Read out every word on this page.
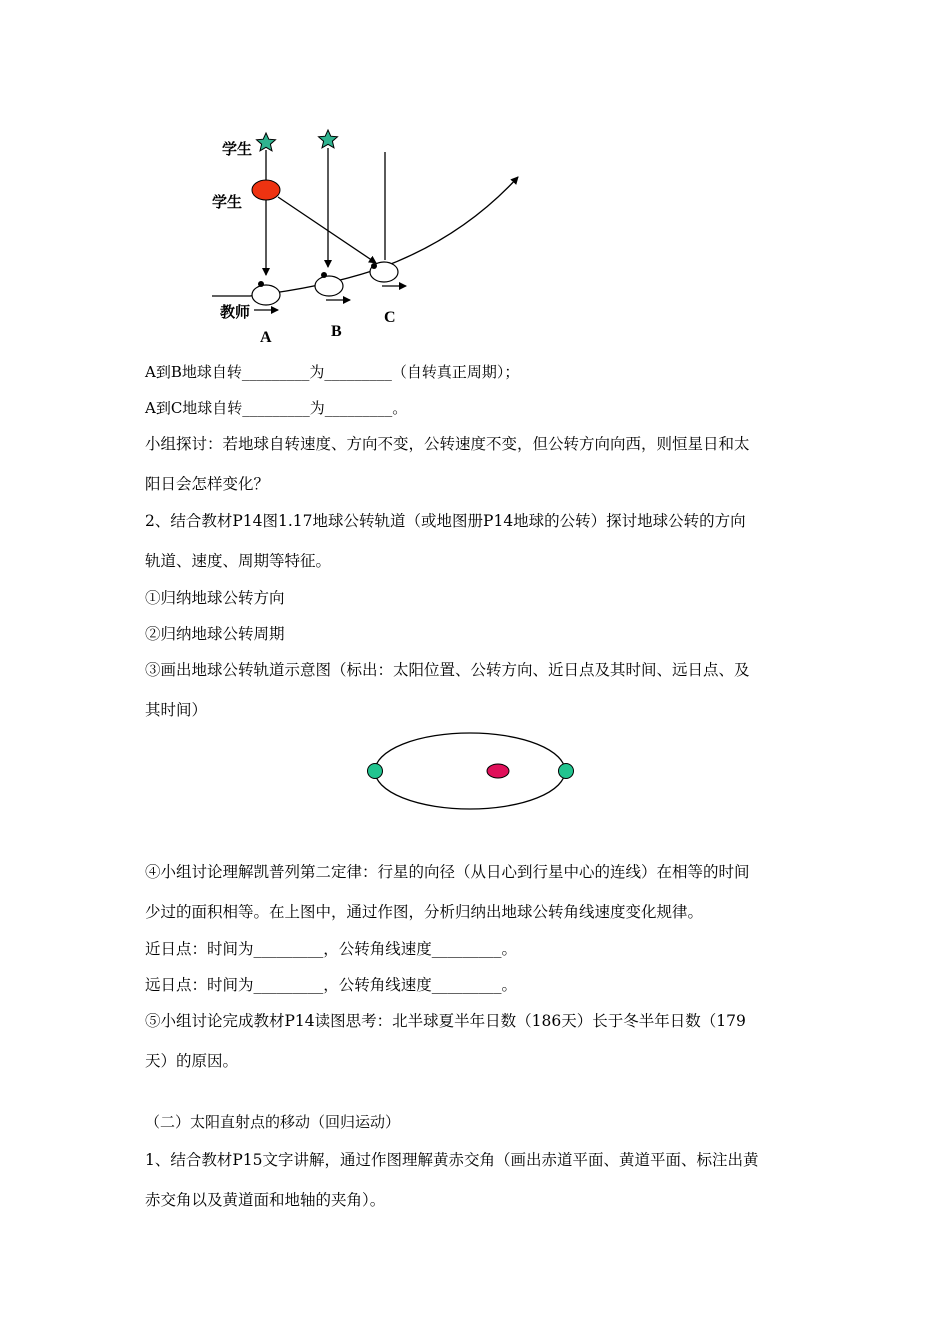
学生
学生
教师
A	B
C
A到B地球自转_________为_________（自转真正周期）；
A到C地球自转_________为_________。
小组探讨：若地球自转速度、方向不变，公转速度不变，但公转方向向西，则恒星日和太
阳日会怎样变化？
2、结合教材P14图1.17地球公转轨道（或地图册P14地球的公转）探讨地球公转的方向
轨道、速度、周期等特征。
①归纳地球公转方向
②归纳地球公转周期
③画出地球公转轨道示意图（标出：太阳位置、公转方向、近日点及其时间、远日点、及
其时间）
④小组讨论理解凯普列第二定律：行星的向径（从日心到行星中心的连线）在相等的时间
少过的面积相等。在上图中，通过作图，分析归纳出地球公转角线速度变化规律。
近日点：时间为_________，公转角线速度_________。
远日点：时间为_________，公转角线速度_________。
⑤小组讨论完成教材P14读图思考：北半球夏半年日数（186天）长于冬半年日数（179
天）的原因。
（二）太阳直射点的移动（回归运动）
1、结合教材P15文字讲解，通过作图理解黄赤交角（画出赤道平面、黄道平面、标注出黄
赤交角以及黄道面和地轴的夹角）。
